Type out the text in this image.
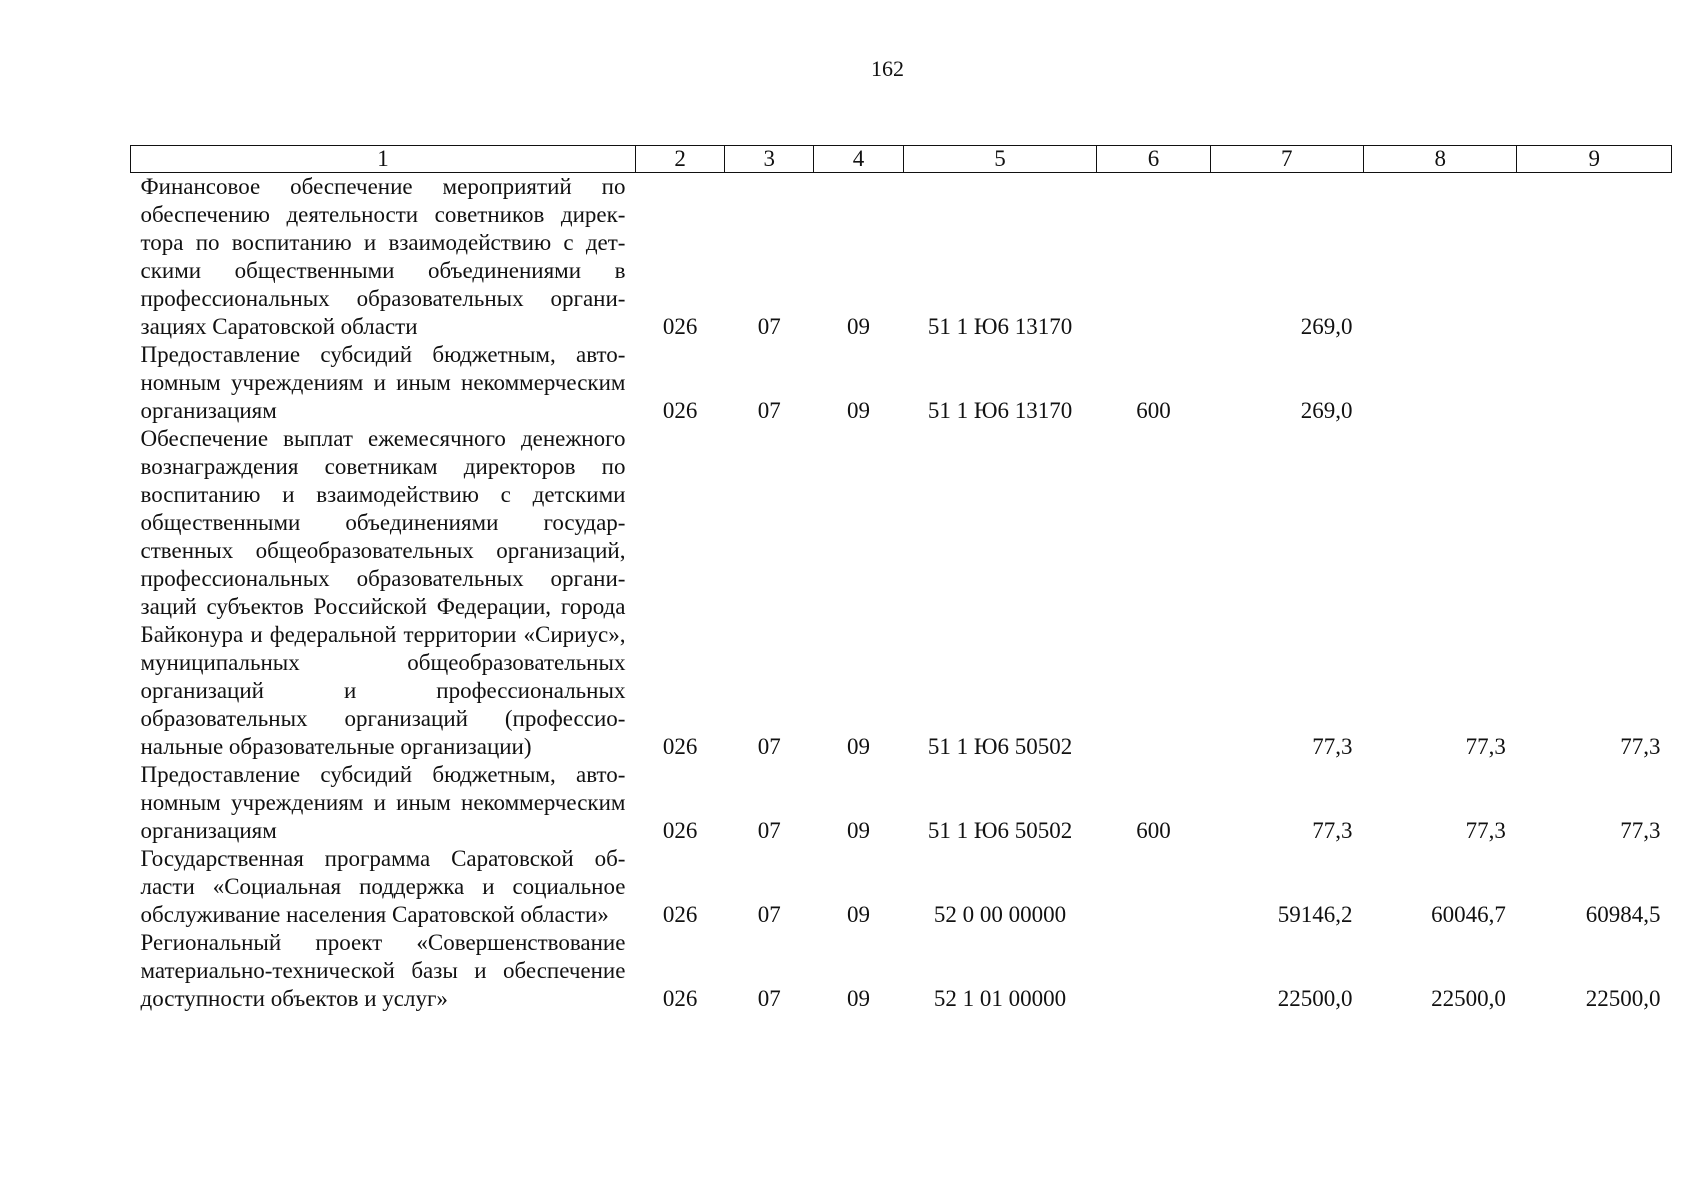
162
1	2	3	4	5	6	7	8	9
Финансовое обеспечение мероприятий по обеспечению деятельности советников директора по воспитанию и взаимодействию с детскими общественными объединениями в профессиональных образовательных организациях Саратовской области	026	07	09	51 1 Ю6 13170		269,0		
Предоставление субсидий бюджетным, автономным учреждениям и иным некоммерческим организациям	026	07	09	51 1 Ю6 13170	600	269,0		
Обеспечение выплат ежемесячного денежного вознаграждения советникам директоров по воспитанию и взаимодействию с детскими общественными объединениями государственных общеобразовательных организаций, профессиональных образовательных организаций субъектов Российской Федерации, города Байконура и федеральной территории «Сириус», муниципальных общеобразовательных организаций и профессиональных образовательных организаций (профессиональные образовательные организации)	026	07	09	51 1 Ю6 50502		77,3	77,3	77,3
Предоставление субсидий бюджетным, автономным учреждениям и иным некоммерческим организациям	026	07	09	51 1 Ю6 50502	600	77,3	77,3	77,3
Государственная программа Саратовской области «Социальная поддержка и социальное обслуживание населения Саратовской области»	026	07	09	52 0 00 00000		59146,2	60046,7	60984,5
Региональный проект «Совершенствование материально-технической базы и обеспечение доступности объектов и услуг»	026	07	09	52 1 01 00000		22500,0	22500,0	22500,0
